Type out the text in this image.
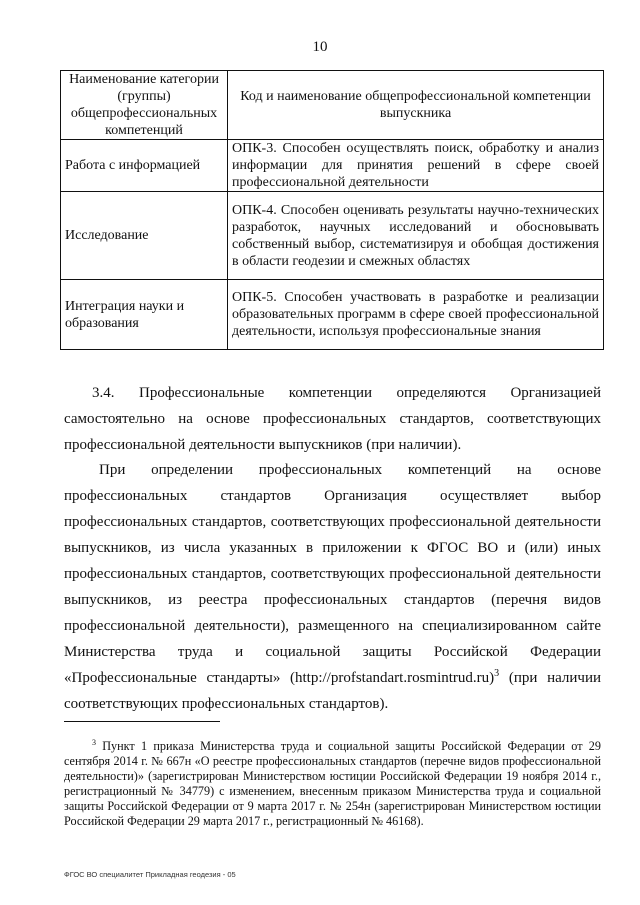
10
Наименование категории (группы) общепрофессиональных компетенций	Код и наименование общепрофессиональной компетенции выпускника
Работа с информацией	ОПК-3. Способен осуществлять поиск, обработку и анализ информации для принятия решений в сфере своей профессиональной деятельности
Исследование	ОПК-4. Способен оценивать результаты научно-технических разработок, научных исследований и обосновывать собственный выбор, систематизируя и обобщая достижения в области геодезии и смежных областях
Интеграция науки и образования	ОПК-5. Способен участвовать в разработке и реализации образовательных программ в сфере своей профессиональной деятельности, используя профессиональные знания

3.4. Профессиональные компетенции определяются Организацией самостоятельно на основе профессиональных стандартов, соответствующих профессиональной деятельности выпускников (при наличии).

При определении профессиональных компетенций на основе профессиональных стандартов Организация осуществляет выбор профессиональных стандартов, соответствующих профессиональной деятельности выпускников, из числа указанных в приложении к ФГОС ВО и (или) иных профессиональных стандартов, соответствующих профессиональной деятельности выпускников, из реестра профессиональных стандартов (перечня видов профессиональной деятельности), размещенного на специализированном сайте Министерства труда и социальной защиты Российской Федерации «Профессиональные стандарты» (http://profstandart.rosmintrud.ru)$^3$ (при наличии соответствующих профессиональных стандартов).

$^3$ Пункт 1 приказа Министерства труда и социальной защиты Российской Федерации от 29 сентября 2014 г. № 667н «О реестре профессиональных стандартов (перечне видов профессиональной деятельности)» (зарегистрирован Министерством юстиции Российской Федерации 19 ноября 2014 г., регистрационный № 34779) с изменением, внесенным приказом Министерства труда и социальной защиты Российской Федерации от 9 марта 2017 г. № 254н (зарегистрирован Министерством юстиции Российской Федерации 29 марта 2017 г., регистрационный № 46168).

ФГОС ВО специалитет Прикладная геодезия - 05
